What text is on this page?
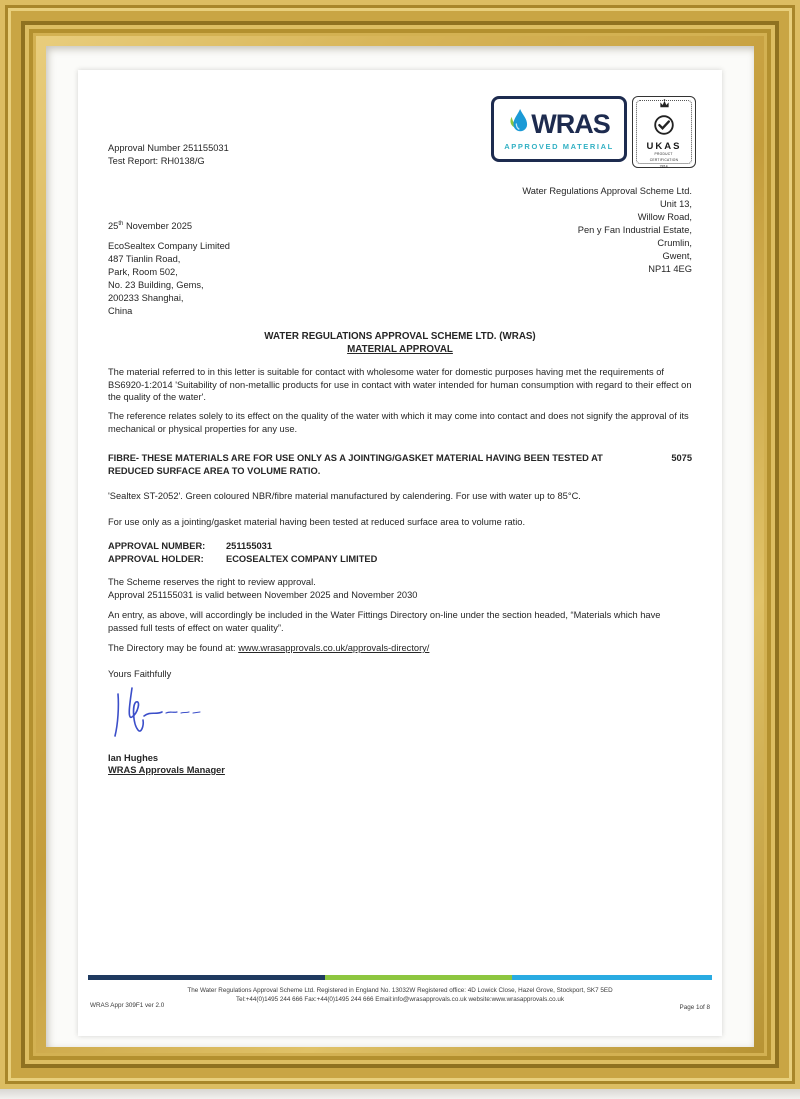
Approval Number 251155031
Test Report: RH0138/G
WRAS
APPROVED MATERIAL	UKAS
PRODUCT
CERTIFICATION
2814
Water Regulations Approval Scheme Ltd.
Unit 13,
Willow Road,
Pen y Fan Industrial Estate,
Crumlin,
Gwent,
NP11 4EG
25th November 2025
EcoSealtex Company Limited
487 Tianlin Road,
Park, Room 502,
No. 23 Building, Gems,
200233 Shanghai,
China
WATER REGULATIONS APPROVAL SCHEME LTD. (WRAS)
MATERIAL APPROVAL
The material referred to in this letter is suitable for contact with wholesome water for domestic purposes having met the requirements of BS6920-1:2014 'Suitability of non-metallic products for use in contact with water intended for human consumption with regard to their effect on the quality of the water'.
The reference relates solely to its effect on the quality of the water with which it may come into contact and does not signify the approval of its mechanical or physical properties for any use.
FIBRE- THESE MATERIALS ARE FOR USE ONLY AS A JOINTING/GASKET MATERIAL HAVING BEEN TESTED AT REDUCED SURFACE AREA TO VOLUME RATIO.
5075
'Sealtex ST-2052'. Green coloured NBR/fibre material manufactured by calendering. For use with water up to 85°C.
For use only as a jointing/gasket material having been tested at reduced surface area to volume ratio.
APPROVAL NUMBER:	251155031
APPROVAL HOLDER:	ECOSEALTEX COMPANY LIMITED
The Scheme reserves the right to review approval.
Approval 251155031 is valid between November 2025 and November 2030
An entry, as above, will accordingly be included in the Water Fittings Directory on-line under the section headed, “Materials which have passed full tests of effect on water quality”.
The Directory may be found at: www.wrasapprovals.co.uk/approvals-directory/
Yours Faithfully
Ian Hughes
WRAS Approvals Manager
The Water Regulations Approval Scheme Ltd. Registered in England No. 13032W Registered office: 4D Lowick Close, Hazel Grove, Stockport, SK7 5ED
Tel:+44(0)1495 244 666 Fax:+44(0)1495 244 666 Email:info@wrasapprovals.co.uk website:www.wrasapprovals.co.uk
WRAS Appr 309F1 ver 2.0	Page 1of 8
